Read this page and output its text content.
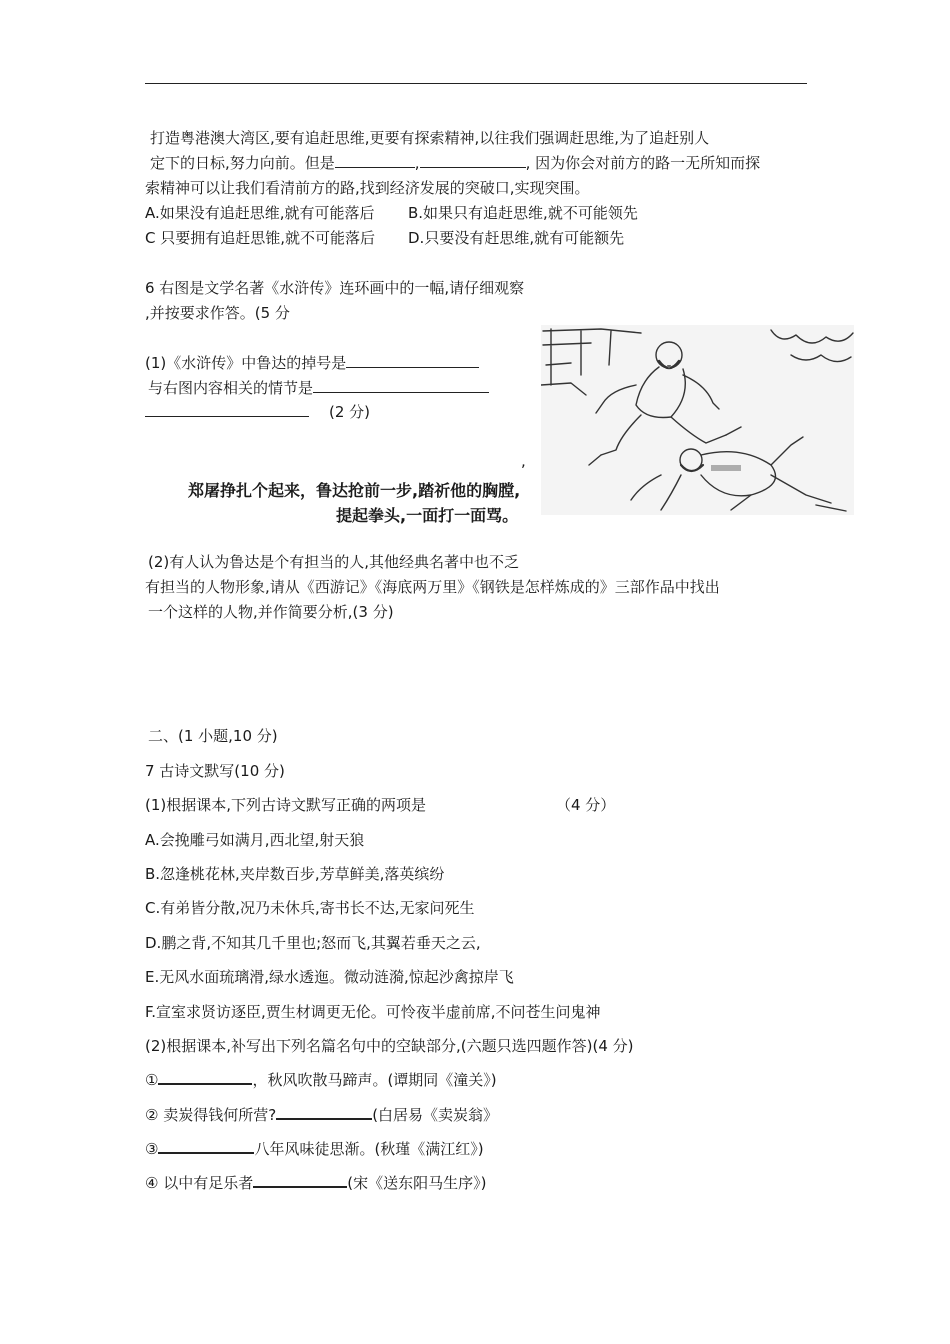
打造粤港澳大湾区,要有追赶思维,更要有探索精神,以往我们强调赶思维,为了追赶别人
定下的日标,努力向前。但是	,	, 因为你会对前方的路一无所知而探
索精神可以让我们看清前方的路,找到经济发展的突破口,实现突围。
A.如果没有追赶思维,就有可能落后 B.如果只有追赶思维,就不可能领先
C 只要拥有追赶思锥,就不可能落后 D.只要没有赶思维,就有可能额先
6 右图是文学名著《水浒传》连环画中的一幅,请仔细观察
,并按要求作答。(5 分
(1)《水浒传》中鲁达的掉号是
与右图内容相关的情节是
(2 分)
,
郑屠挣扎个起来，鲁达抢前一步,踏祈他的胸膛,
提起拳头,一面打一面骂。
(2)有人认为鲁达是个有担当的人,其他经典名著中也不乏
有担当的人物形象,请从《西游记》《海底两万里》《钢铁是怎样炼成的》三部作品中找出
一个这样的人物,并作简要分析,(3 分)
二、(1 小题,10 分)
7 古诗文默写(10 分)
(1)根据课本,下列古诗文默写正确的两项是	（4 分）
A.会挽雕弓如满月,西北望,射天狼
B.忽逢桃花林,夹岸数百步,芳草鲜美,落英缤纷
C.有弟皆分散,况乃未休兵,寄书长不达,无家问死生
D.鹏之背,不知其几千里也;怒而飞,其翼若垂天之云,
E.无风水面琉璃滑,绿水透迤。微动涟漪,惊起沙禽掠岸飞
F.宣室求贤访逐臣,贾生材调更无伦。可怜夜半虚前席,不问苍生问鬼神
(2)根据课本,补写出下列名篇名句中的空缺部分,(六题只选四题作答)(4 分)
①	，秋风吹散马蹄声。(谭期同《潼关》)
② 卖炭得钱何所营?	(白居易《卖炭翁》
③	八年风味徒思渐。(秋瑾《满江红》)
④ 以中有足乐者	(宋《送东阳马生序》)
